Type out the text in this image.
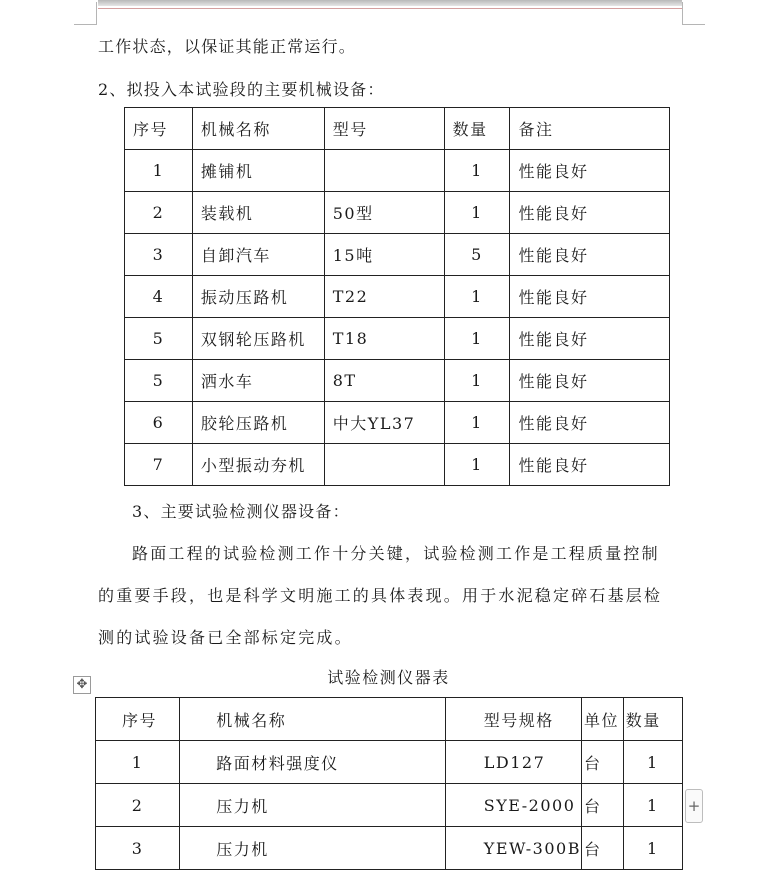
工作状态，以保证其能正常运行。
2、拟投入本试验段的主要机械设备：
序号	机械名称	型号	数量	备注
1	摊铺机		1	性能良好
2	装载机	50型	1	性能良好
3	自卸汽车	15吨	5	性能良好
4	振动压路机	T22	1	性能良好
5	双钢轮压路机	T18	1	性能良好
5	洒水车	8T	1	性能良好
6	胶轮压路机	中大YL37	1	性能良好
7	小型振动夯机		1	性能良好
3、主要试验检测仪器设备：
路面工程的试验检测工作十分关键，试验检测工作是工程质量控制
的重要手段，也是科学文明施工的具体表现。用于水泥稳定碎石基层检
测的试验设备已全部标定完成。
试验检测仪器表
✥
序号	机械名称	型号规格	单位	数量
1	路面材料强度仪	LD127	台	1
2	压力机	SYE-2000	台	1
3	压力机	YEW-300B	台	1
+
